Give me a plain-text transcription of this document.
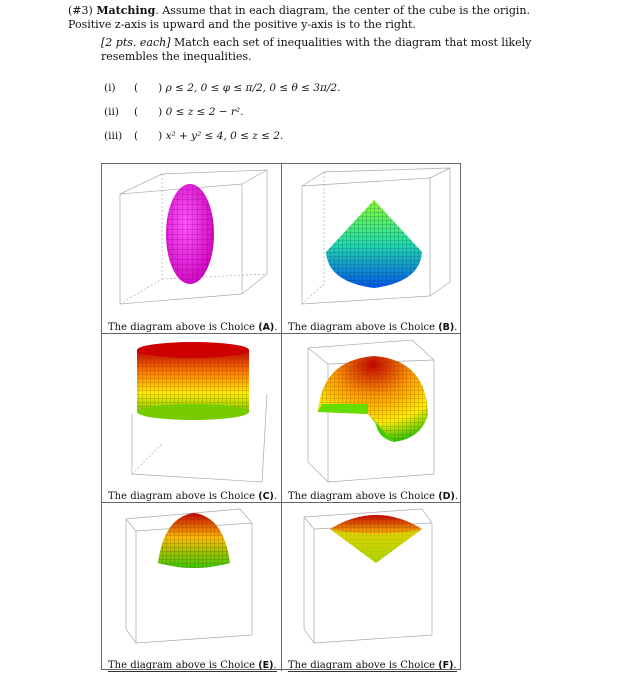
(#3) Matching. Assume that in each diagram, the center of the cube is the origin. Positive z-axis is upward and the positive y-axis is to the right.
[2 pts. each] Match each set of inequalities with the diagram that most likely resembles the inequalities.
(i)	( )
ρ ≤ 2, 0 ≤ φ ≤ π/2, 0 ≤ θ ≤ 3π/2.
(ii)	( )
0 ≤ z ≤ 2 − r².
(iii)	( )
x² + y² ≤ 4, 0 ≤ z ≤ 2.
The diagram above is Choice (A). The diagram above is Choice (B).
The diagram above is Choice (C). The diagram above is Choice (D).
The diagram above is Choice (E). The diagram above is Choice (F).
